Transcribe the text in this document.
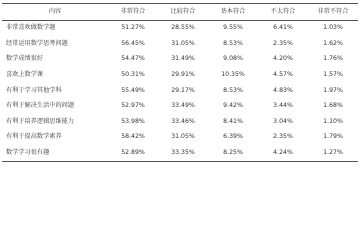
内容	非常符合	比较符合	基本符合	不太符合	非常不符合
非常喜欢做数学题	51.27%	28.55%	9.55%	6.41%	1.03%
经常运用数学思考问题	56.45%	31.05%	8.53%	2.35%	1.62%
数学成绩很好	54.47%	31.49%	9.08%	4.20%	1.76%
喜欢上数学课	50.31%	29.91%	10.35%	4.57%	1.57%
有利于学习其他学科	55.49%	29.17%	8.53%	4.83%	1.97%
有利于解决生活中的问题	52.97%	33.49%	9.42%	3.44%	1.68%
有利于培养逻辑思维能力	53.98%	33.46%	8.41%	3.04%	1.10%
有利于提高数学素养	58.42%	31.05%	6.39%	2.35%	1.79%
数学学习很有趣	52.89%	33.35%	8.25%	4.24%	1.27%
